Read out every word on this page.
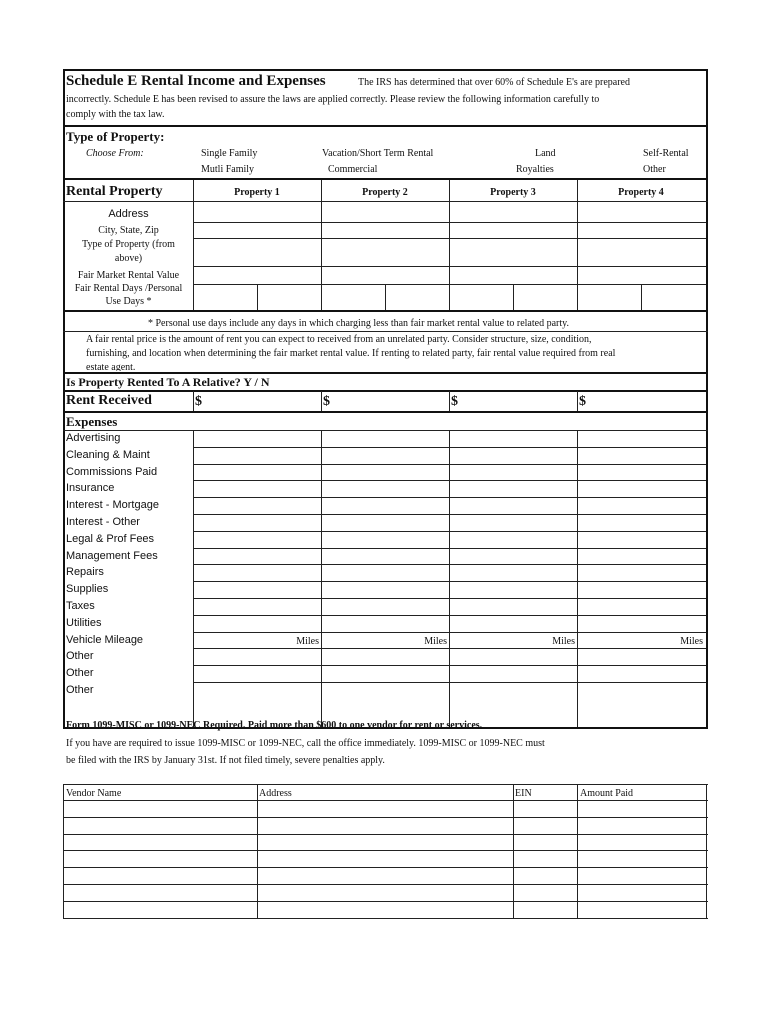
Schedule E Rental Income and Expenses	The IRS has determined that over 60% of Schedule E's are prepared
incorrectly. Schedule E has been revised to assure the laws are applied correctly. Please review the following information carefully to
comply with the tax law.
Type of Property:
Choose From:	Single Family	Vacation/Short Term Rental	Land	Self-Rental
Mutli Family	Commercial	Royalties	Other
Rental Property	Property 1	Property 2	Property 3	Property 4
Address
City, State, Zip
Type of Property (from
above)
Fair Market Rental Value
Fair Rental Days /Personal
Use Days *
* Personal use days include any days in which charging less than fair market rental value to related party.
A fair rental price is the amount of rent you can expect to received from an unrelated party. Consider structure, size, condition,
furnishing, and location when determining the fair market rental value. If renting to related party, fair rental value required from real
estate agent.
Is Property Rented To A Relative? Y / N
Rent Received	$	$	$	$
Expenses
Advertising
Cleaning & Maint
Commissions Paid
Insurance
Interest - Mortgage
Interest - Other
Legal & Prof Fees
Management Fees
Repairs
Supplies
Taxes
Utilities
Vehicle Mileage	Miles	Miles	Miles	Miles
Other
Other
Other
Form 1099-MISC or 1099-NEC Required. Paid more than $600 to one vendor for rent or services.
If you have are required to issue 1099-MISC or 1099-NEC, call the office immediately. 1099-MISC or 1099-NEC must
be filed with the IRS by January 31st. If not filed timely, severe penalties apply.
Vendor Name	Address	EIN	Amount Paid
